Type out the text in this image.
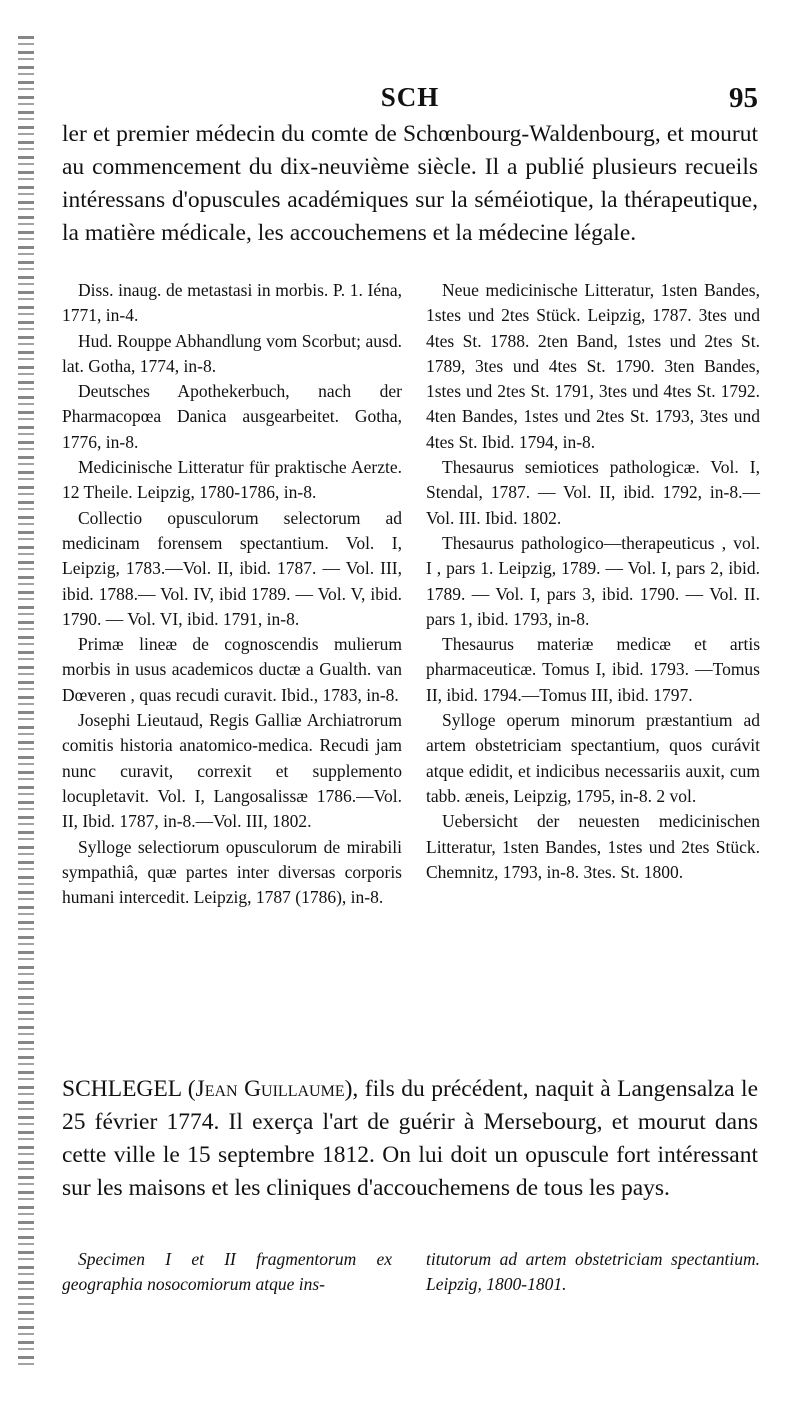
SCH	95

ler et premier médecin du comte de Schœnbourg-Waldenbourg, et mourut au commencement du dix-neuvième siècle. Il a publié plusieurs recueils intéressans d'opuscules académiques sur la séméiotique, la thérapeutique, la matière médicale, les accouchemens et la médecine légale.

Diss. inaug. de metastasi in morbis. P. 1. Iéna, 1771, in-4.

Hud. Rouppe Abhandlung vom Scorbut; ausd. lat. Gotha, 1774, in-8.

Deutsches Apothekerbuch, nach der Pharmacopœa Danica ausgearbeitet. Gotha, 1776, in-8.

Medicinische Litteratur für praktische Aerzte. 12 Theile. Leipzig, 1780-1786, in-8.

Collectio opusculorum selectorum ad medicinam forensem spectantium. Vol. I, Leipzig, 1783.—Vol. II, ibid. 1787. — Vol. III, ibid. 1788.— Vol. IV, ibid 1789. — Vol. V, ibid. 1790. — Vol. VI, ibid. 1791, in-8.

Primæ lineæ de cognoscendis mulierum morbis in usus academicos ductæ a Gualth. van Dœveren , quas recudi curavit. Ibid., 1783, in-8.

Josephi Lieutaud, Regis Galliæ Archiatrorum comitis historia anatomico-medica. Recudi jam nunc curavit, correxit et supplemento locupletavit. Vol. I, Langosalissæ 1786.—Vol. II, Ibid. 1787, in-8.—Vol. III, 1802.

Sylloge selectiorum opusculorum de mirabili sympathiâ, quæ partes inter diversas corporis humani intercedit. Leipzig, 1787 (1786), in-8.

Neue medicinische Litteratur, 1sten Bandes, 1stes und 2tes Stück. Leipzig, 1787. 3tes und 4tes St. 1788. 2ten Band, 1stes und 2tes St. 1789, 3tes und 4tes St. 1790. 3ten Bandes, 1stes und 2tes St. 1791, 3tes und 4tes St. 1792. 4ten Bandes, 1stes und 2tes St. 1793, 3tes und 4tes St. Ibid. 1794, in-8.

Thesaurus semiotices pathologicæ. Vol. I, Stendal, 1787. — Vol. II, ibid. 1792, in-8.—Vol. III. Ibid. 1802.

Thesaurus pathologico—therapeuticus , vol. I , pars 1. Leipzig, 1789. — Vol. I, pars 2, ibid. 1789. — Vol. I, pars 3, ibid. 1790. — Vol. II. pars 1, ibid. 1793, in-8.

Thesaurus materiæ medicæ et artis pharmaceuticæ. Tomus I, ibid. 1793. —Tomus II, ibid. 1794.—Tomus III, ibid. 1797.

Sylloge operum minorum præstantium ad artem obstetriciam spectantium, quos curávit atque edidit, et indicibus necessariis auxit, cum tabb. æneis, Leipzig, 1795, in-8. 2 vol.

Uebersicht der neuesten medicinischen Litteratur, 1sten Bandes, 1stes und 2tes Stück. Chemnitz, 1793, in-8. 3tes. St. 1800.

SCHLEGEL (Jean Guillaume), fils du précédent, naquit à Langensalza le 25 février 1774. Il exerça l'art de guérir à Mersebourg, et mourut dans cette ville le 15 septembre 1812. On lui doit un opuscule fort intéressant sur les maisons et les cliniques d'accouchemens de tous les pays.

Specimen I et II fragmentorum ex geographia nosocomiorum atque ins-
titutorum ad artem obstetriciam spectantium. Leipzig, 1800-1801.
